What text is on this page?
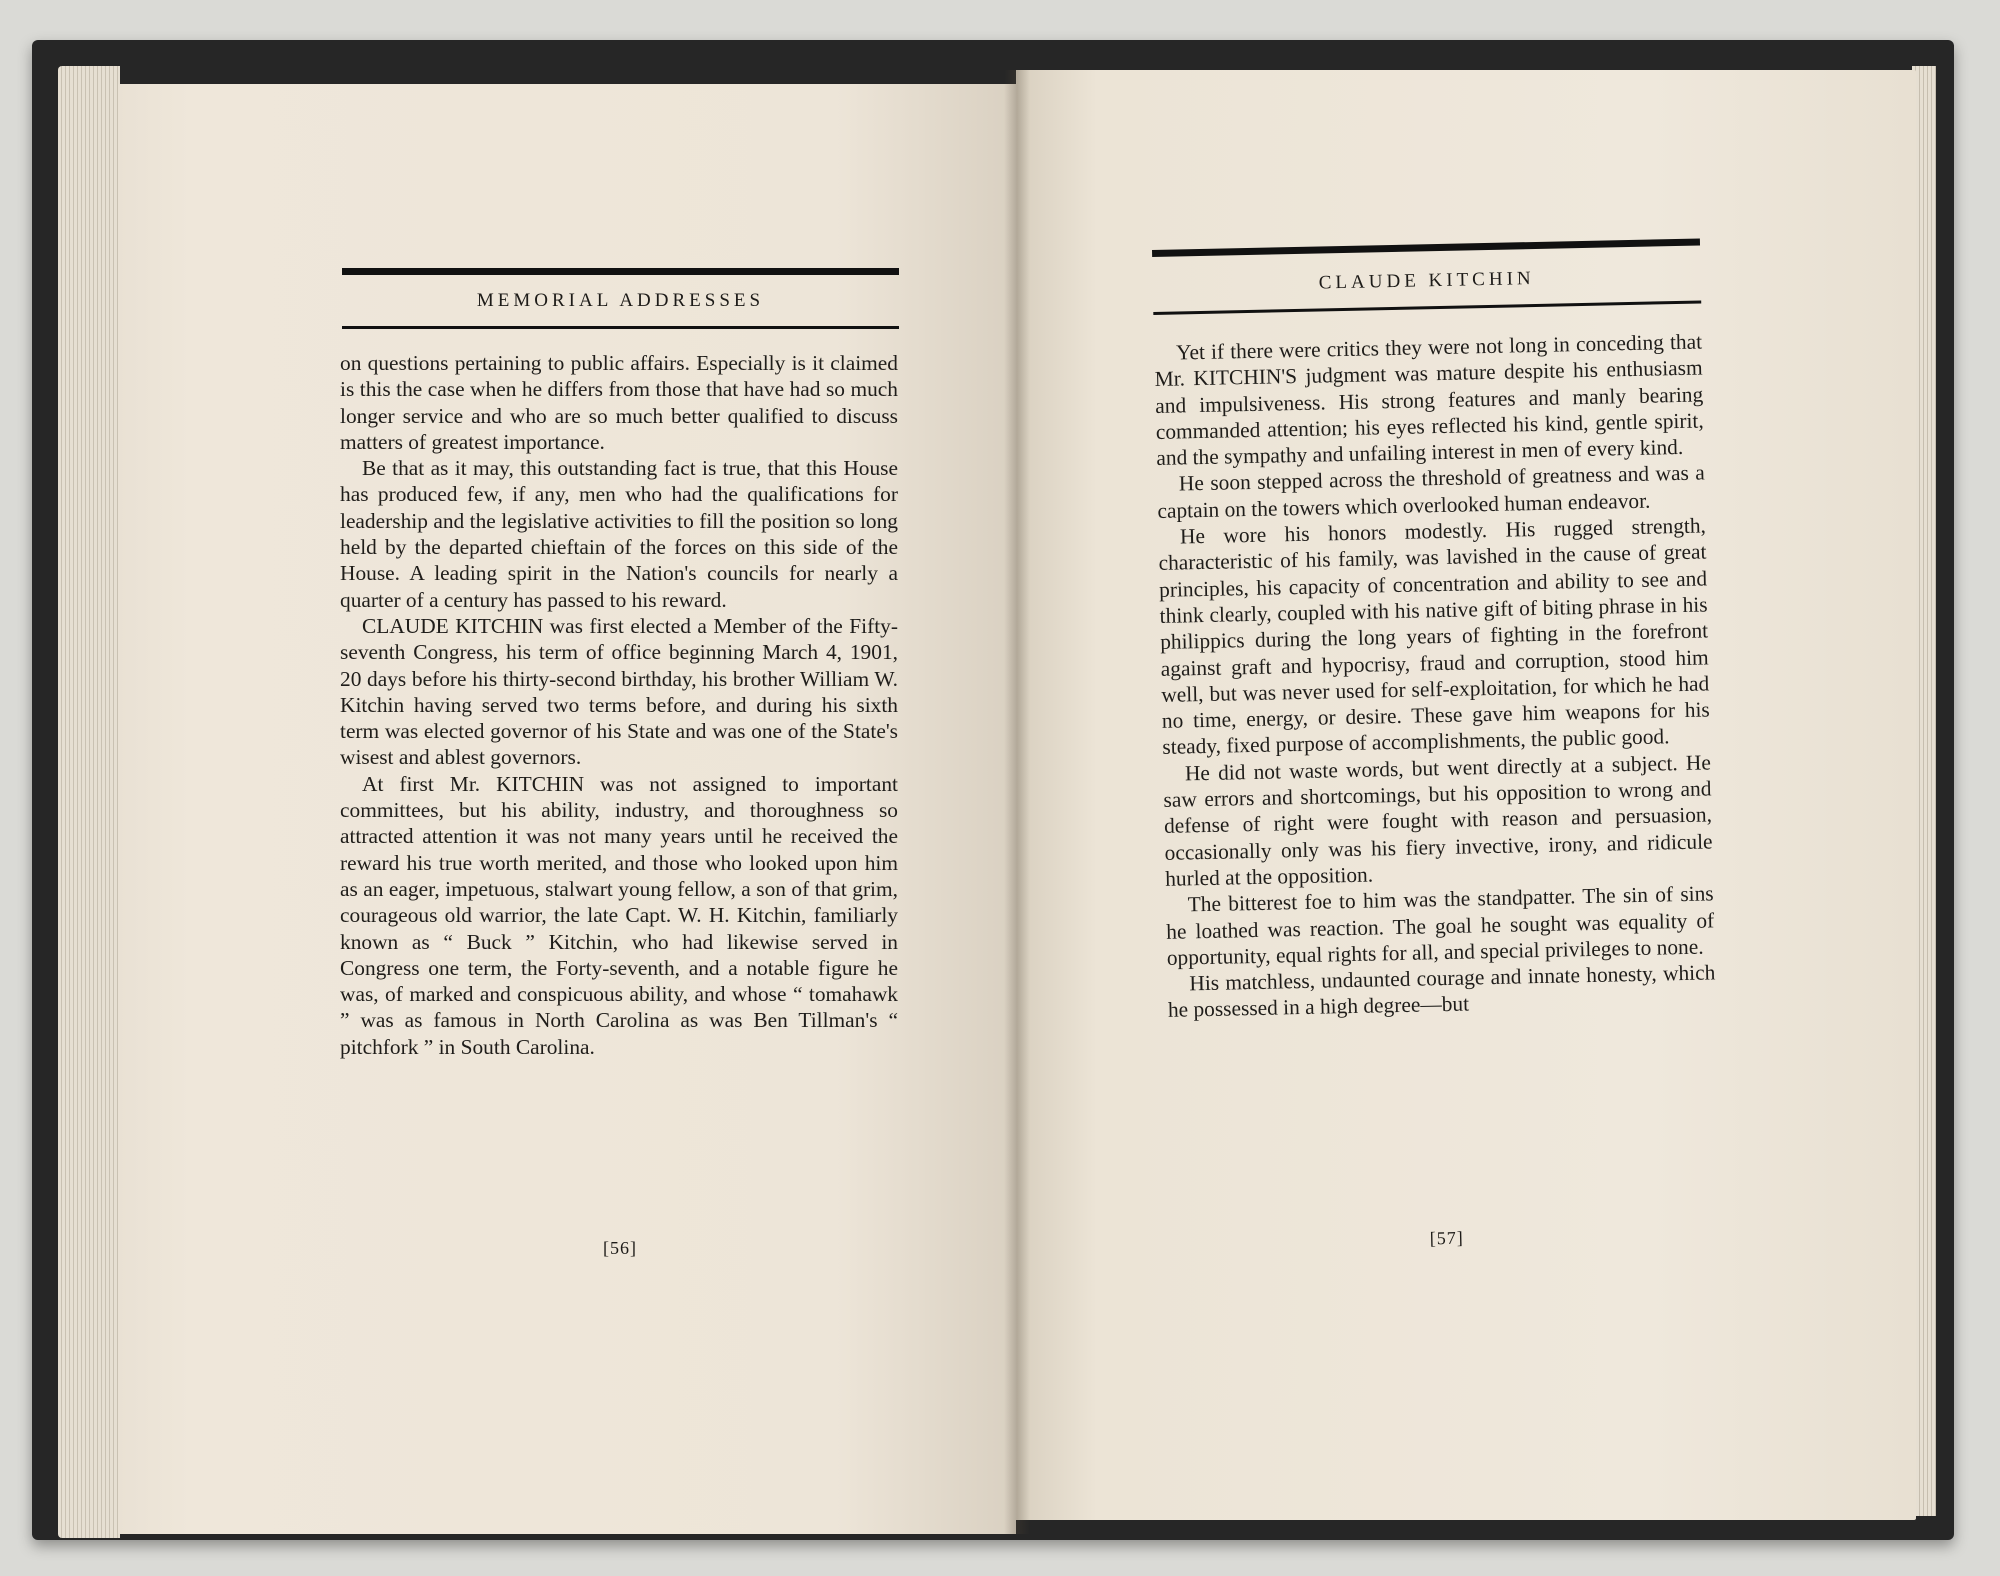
MEMORIAL ADDRESSES

on questions pertaining to public affairs. Especially is it claimed is this the case when he differs from those that have had so much longer service and who are so much better qualified to discuss matters of greatest importance.

Be that as it may, this outstanding fact is true, that this House has produced few, if any, men who had the qualifications for leadership and the legislative activities to fill the position so long held by the departed chieftain of the forces on this side of the House. A leading spirit in the Nation's councils for nearly a quarter of a century has passed to his reward.

CLAUDE KITCHIN was first elected a Member of the Fifty-seventh Congress, his term of office beginning March 4, 1901, 20 days before his thirty-second birthday, his brother William W. Kitchin having served two terms before, and during his sixth term was elected governor of his State and was one of the State's wisest and ablest governors.

At first Mr. KITCHIN was not assigned to important committees, but his ability, industry, and thoroughness so attracted attention it was not many years until he received the reward his true worth merited, and those who looked upon him as an eager, impetuous, stalwart young fellow, a son of that grim, courageous old warrior, the late Capt. W. H. Kitchin, familiarly known as “ Buck ” Kitchin, who had likewise served in Congress one term, the Forty-seventh, and a notable figure he was, of marked and conspicuous ability, and whose “ tomahawk ” was as famous in North Carolina as was Ben Tillman's “ pitchfork ” in South Carolina.

[56]
CLAUDE KITCHIN

Yet if there were critics they were not long in conceding that Mr. KITCHIN'S judgment was mature despite his enthusiasm and impulsiveness. His strong features and manly bearing commanded attention; his eyes reflected his kind, gentle spirit, and the sympathy and unfailing interest in men of every kind.

He soon stepped across the threshold of greatness and was a captain on the towers which overlooked human endeavor.

He wore his honors modestly. His rugged strength, characteristic of his family, was lavished in the cause of great principles, his capacity of concentration and ability to see and think clearly, coupled with his native gift of biting phrase in his philippics during the long years of fighting in the forefront against graft and hypocrisy, fraud and corruption, stood him well, but was never used for self-exploitation, for which he had no time, energy, or desire. These gave him weapons for his steady, fixed purpose of accomplishments, the public good.

He did not waste words, but went directly at a subject. He saw errors and shortcomings, but his opposition to wrong and defense of right were fought with reason and persuasion, occasionally only was his fiery invective, irony, and ridicule hurled at the opposition.

The bitterest foe to him was the standpatter. The sin of sins he loathed was reaction. The goal he sought was equality of opportunity, equal rights for all, and special privileges to none.

His matchless, undaunted courage and innate honesty, which he possessed in a high degree—but

[57]
